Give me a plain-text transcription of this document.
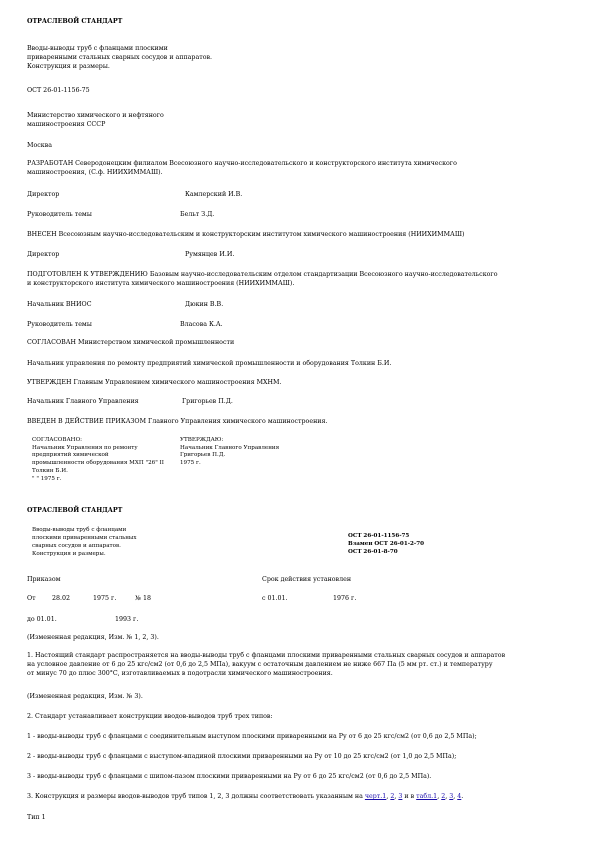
ОТРАСЛЕВОЙ СТАНДАРТ
Вводы-выводы труб с фланцами плоскими
приваренными стальных сварных сосудов и аппаратов.
Конструкция и размеры.
ОСТ 26-01-1156-75
Министерство химического и нефтяного
машиностроения СССР
Москва
РАЗРАБОТАН Северодонецким филиалом Всесоюзного научно-исследовательского и конструкторского института химического
машиностроения, (С.ф. НИИХИММАШ).
Директор	Камлерский И.В.
Руководитель темы	Бельт З.Д.
ВНЕСЕН Всесоюзным научно-исследовательским и конструкторским институтом химического машиностроения (НИИХИММАШ)
Директор	Румянцев И.И.
ПОДГОТОВЛЕН К УТВЕРЖДЕНИЮ Базовым научно-исследовательским отделом стандартизации Всесоюзного научно-исследовательского
и конструкторского института химического машиностроения (НИИХИММАШ).
Начальник ВНИОС	Дюкин В.В.
Руководитель темы	Власова К.А.
СОГЛАСОВАН Министерством химической промышленности
Начальник управления по ремонту предприятий химической промышленности и оборудования Толкин Б.И.
УТВЕРЖДЕН Главным Управлением химического машиностроения МХНМ.
Начальник Главного Управления	Григорьев П.Д.
ВВЕДЕН В ДЕЙСТВИЕ ПРИКАЗОМ Главного Управления химического машиностроения.
СОГЛАСОВАНО:
Начальник Управления по ремонту
предприятий химической
промышленности оборудования МХП "26" II
Толкин Б.И.
" " 1975 г.
УТВЕРЖДАЮ:
Начальник Главного Управления
Григорьев П.Д.
1975 г.
ОТРАСЛЕВОЙ СТАНДАРТ
Вводы-выводы труб с фланцами
плоскими приваренными стальных
сварных сосудов и аппаратов.
Конструкция и размеры.
ОСТ 26-01-1156-75
Взамен ОСТ 26-01-2-70
ОСТ 26-01-8-70
Приказом	Срок действия установлен
От	28.02	1975 г.	№ 18	с 01.01.	1976 г.
до 01.01.	1993 г.
(Измененная редакция, Изм. № 1, 2, 3).
1. Настоящий стандарт распространяется на вводы-выводы труб с фланцами плоскими приваренными стальных сварных сосудов и аппаратов
на условное давление от 6 до 25 кгс/см2 (от 0,6 до 2,5 МПа), вакуум с остаточным давлением не ниже 667 Па (5 мм рт. ст.) и температуру
от минус 70 до плюс 300°С, изготавливаемых в подотрасли химического машиностроения.
(Измененная редакция, Изм. № 3).
2. Стандарт устанавливает конструкции вводов-выводов труб трех типов:
1 - вводы-выводы труб с фланцами с соединительным выступом плоскими приваренными на Ру от 6 до 25 кгс/см2 (от 0,6 до 2,5 МПа);
2 - вводы-выводы труб с фланцами с выступом-впадиной плоскими приваренными на Ру от 10 до 25 кгс/см2 (от 1,0 до 2,5 МПа);
3 - вводы-выводы труб с фланцами с шипом-пазом плоскими приваренными на Ру от 6 до 25 кгс/см2 (от 0,6 до 2,5 МПа).
3. Конструкция и размеры вводов-выводов труб типов 1, 2, 3 должны соответствовать указанным на черт.1, 2, 3 и в табл.1, 2, 3, 4.
Тип 1
